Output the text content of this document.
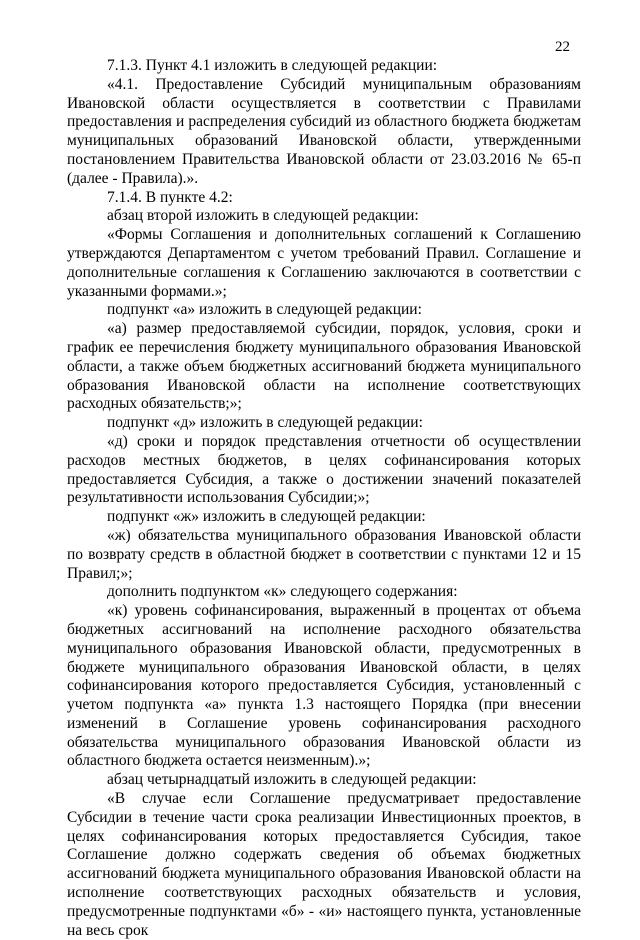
22

7.1.3. Пункт 4.1 изложить в следующей редакции:

«4.1. Предоставление Субсидий муниципальным образованиям Ивановской области осуществляется в соответствии с Правилами предоставления и распределения субсидий из областного бюджета бюджетам муниципальных образований Ивановской области, утвержденными постановлением Правительства Ивановской области от 23.03.2016 № 65-п (далее - Правила).».

7.1.4. В пункте 4.2:

абзац второй изложить в следующей редакции:

«Формы Соглашения и дополнительных соглашений к Соглашению утверждаются Департаментом с учетом требований Правил. Соглашение и дополнительные соглашения к Соглашению заключаются в соответствии с указанными формами.»;

подпункт «а» изложить в следующей редакции:

«а) размер предоставляемой субсидии, порядок, условия, сроки и график ее перечисления бюджету муниципального образования Ивановской области, а также объем бюджетных ассигнований бюджета муниципального образования Ивановской области на исполнение соответствующих расходных обязательств;»;

подпункт «д» изложить в следующей редакции:

«д) сроки и порядок представления отчетности об осуществлении расходов местных бюджетов, в целях софинансирования которых предоставляется Субсидия, а также о достижении значений показателей результативности использования Субсидии;»;

подпункт «ж» изложить в следующей редакции:

«ж) обязательства муниципального образования Ивановской области по возврату средств в областной бюджет в соответствии с пунктами 12 и 15 Правил;»;

дополнить подпунктом «к» следующего содержания:

«к) уровень софинансирования, выраженный в процентах от объема бюджетных ассигнований на исполнение расходного обязательства муниципального образования Ивановской области, предусмотренных в бюджете муниципального образования Ивановской области, в целях софинансирования которого предоставляется Субсидия, установленный с учетом подпункта «а» пункта 1.3 настоящего Порядка (при внесении изменений в Соглашение уровень софинансирования расходного обязательства муниципального образования Ивановской области из областного бюджета остается неизменным).»;

абзац четырнадцатый изложить в следующей редакции:

«В случае если Соглашение предусматривает предоставление Субсидии в течение части срока реализации Инвестиционных проектов, в целях софинансирования которых предоставляется Субсидия, такое Соглашение должно содержать сведения об объемах бюджетных ассигнований бюджета муниципального образования Ивановской области на исполнение соответствующих расходных обязательств и условия, предусмотренные подпунктами «б» - «и» настоящего пункта, установленные на весь срок
